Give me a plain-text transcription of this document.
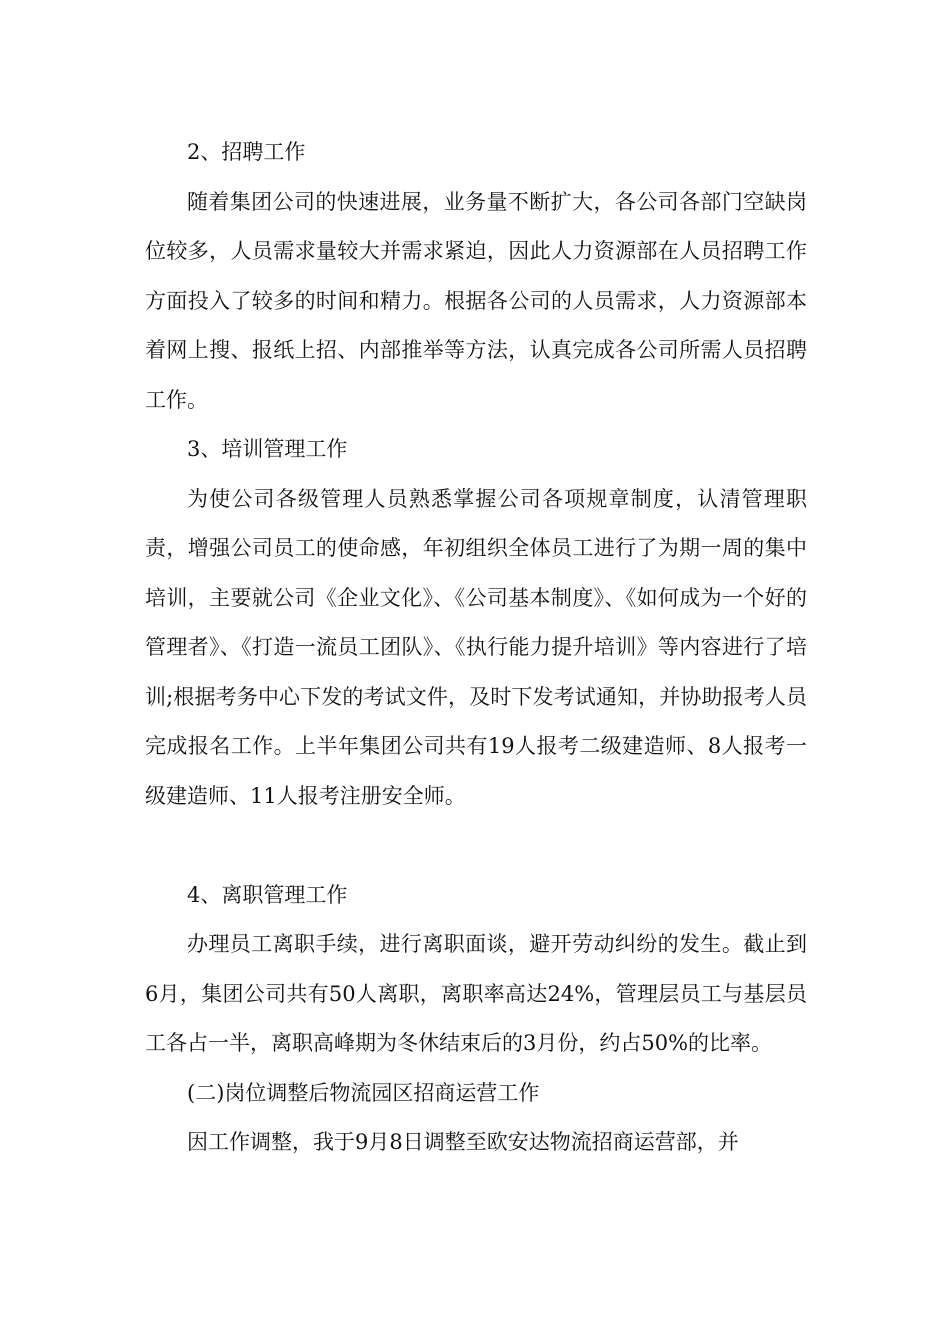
2、招聘工作

随着集团公司的快速进展，业务量不断扩大，各公司各部门空缺岗位较多，人员需求量较大并需求紧迫，因此人力资源部在人员招聘工作方面投入了较多的时间和精力。根据各公司的人员需求，人力资源部本着网上搜、报纸上招、内部推举等方法，认真完成各公司所需人员招聘工作。

3、培训管理工作

为使公司各级管理人员熟悉掌握公司各项规章制度，认清管理职责，增强公司员工的使命感，年初组织全体员工进行了为期一周的集中培训，主要就公司《企业文化》、《公司基本制度》、《如何成为一个好的管理者》、《打造一流员工团队》、《执行能力提升培训》等内容进行了培训;根据考务中心下发的考试文件，及时下发考试通知，并协助报考人员完成报名工作。上半年集团公司共有19人报考二级建造师、8人报考一级建造师、11人报考注册安全师。

4、离职管理工作

办理员工离职手续，进行离职面谈，避开劳动纠纷的发生。截止到6月，集团公司共有50人离职，离职率高达24%，管理层员工与基层员工各占一半，离职高峰期为冬休结束后的3月份，约占50%的比率。

(二)岗位调整后物流园区招商运营工作

因工作调整，我于9月8日调整至欧安达物流招商运营部，并
